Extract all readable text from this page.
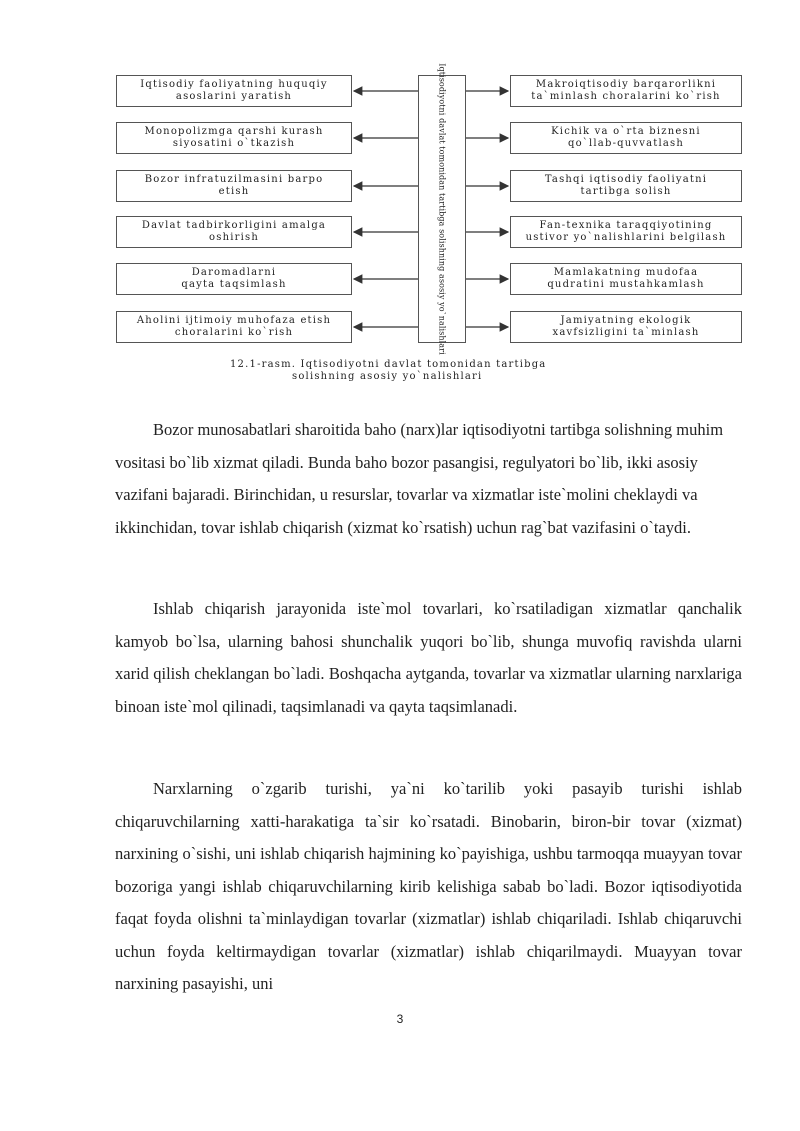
Iqtisodiy faoliyatning huquqiy
asoslarini yaratish
Monopolizmga qarshi kurash
siyosatini o`tkazish
Bozor infratuzilmasini barpo
etish
Davlat tadbirkorligini amalga
oshirish
Daromadlarni
qayta taqsimlash
Aholini ijtimoiy muhofaza etish
choralarini ko`rish
Makroiqtisodiy barqarorlikni
ta`minlash choralarini ko`rish
Kichik va o`rta biznesni
qo`llab-quvvatlash
Tashqi iqtisodiy faoliyatni
tartibga solish
Fan-texnika taraqqiyotining
ustivor yo`nalishlarini belgilash
Mamlakatning mudofaa
qudratini mustahkamlash
Jamiyatning ekologik
xavfsizligini ta`minlash
Iqtisodiyotni davlat tomonidan tartibga solishning asosiy yo`nalishlari
12.1-rasm. Iqtisodiyotni davlat tomonidan tartibga
solishning asosiy yo`nalishlari

Bozor munosabatlari sharoitida baho (narx)lar iqtisodiyotni tartibga solishning muhim vositasi bo`lib xizmat qiladi. Bunda baho bozor pasangisi, regulyatori bo`lib, ikki asosiy vazifani bajaradi. Birinchidan, u resurslar, tovarlar va xizmatlar iste`molini cheklaydi va ikkinchidan, tovar ishlab chiqarish (xizmat ko`rsatish) uchun rag`bat vazifasini o`taydi.

Ishlab chiqarish jarayonida iste`mol tovarlari, ko`rsatiladigan xizmatlar qanchalik kamyob bo`lsa, ularning bahosi shunchalik yuqori bo`lib, shunga muvofiq ravishda ularni xarid qilish cheklangan bo`ladi. Boshqacha aytganda, tovarlar va xizmatlar ularning narxlariga binoan iste`mol qilinadi, taqsimlanadi va qayta taqsimlanadi.

Narxlarning o`zgarib turishi, ya`ni ko`tarilib yoki pasayib turishi ishlab chiqaruvchilarning xatti-harakatiga ta`sir ko`rsatadi. Binobarin, biron-bir tovar (xizmat) narxining o`sishi, uni ishlab chiqarish hajmining ko`payishiga, ushbu tarmoqqa muayyan tovar bozoriga yangi ishlab chiqaruvchilarning kirib kelishiga sabab bo`ladi. Bozor iqtisodiyotida faqat foyda olishni ta`minlaydigan tovarlar (xizmatlar) ishlab chiqariladi. Ishlab chiqaruvchi uchun foyda keltirmaydigan tovarlar (xizmatlar) ishlab chiqarilmaydi. Muayyan tovar narxining pasayishi, uni

3
